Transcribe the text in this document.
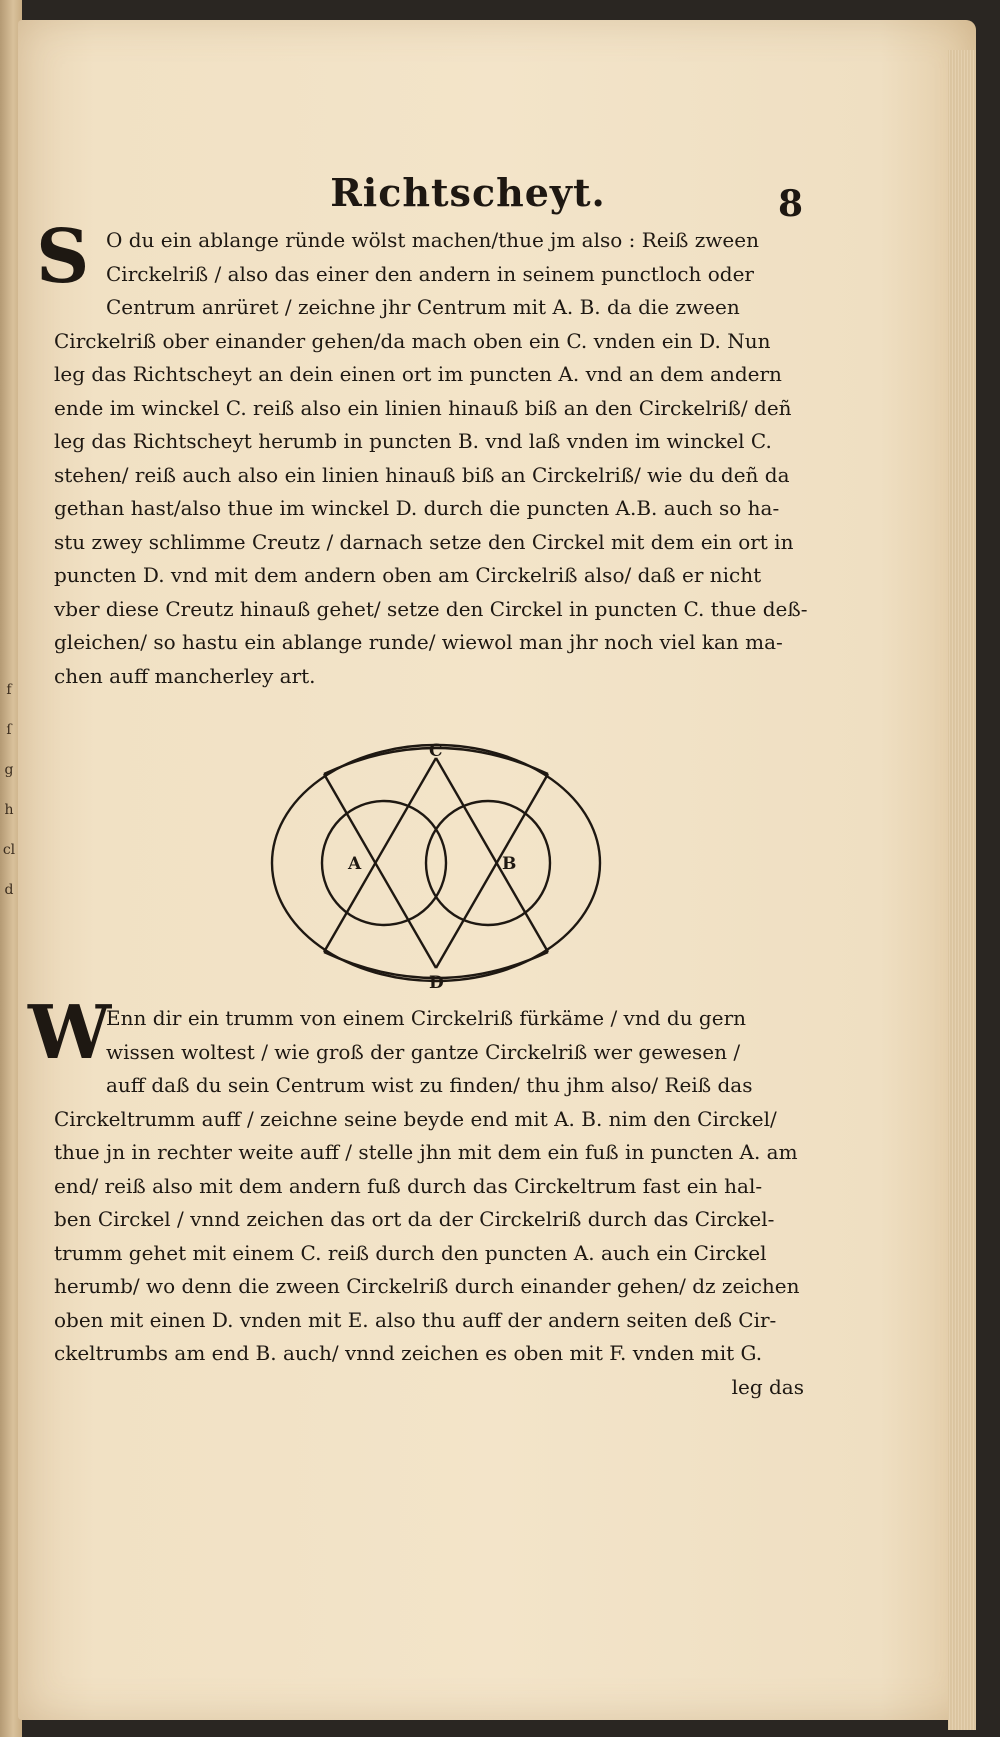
f
ſ
g
h
cl
d
Richtscheyt.	8
S O du ein ablange ründe wölst machen/thue jm also : Reiß zween
Circkelriß / also das einer den andern in seinem punctloch oder
Centrum anrüret / zeichne jhr Centrum mit A. B. da die zween
Circkelriß ober einander gehen/da mach oben ein C. vnden ein D. Nun
leg das Richtscheyt an dein einen ort im puncten A. vnd an dem andern
ende im winckel C. reiß also ein linien hinauß biß an den Circkelriß/ deñ
leg das Richtscheyt herumb in puncten B. vnd laß vnden im winckel C.
stehen/ reiß auch also ein linien hinauß biß an Circkelriß/ wie du deñ da
gethan hast/also thue im winckel D. durch die puncten A.B. auch so ha-
stu zwey schlimme Creutz / darnach setze den Circkel mit dem ein ort in
puncten D. vnd mit dem andern oben am Circkelriß also/ daß er nicht
vber diese Creutz hinauß gehet/ setze den Circkel in puncten C. thue deß-
gleichen/ so hastu ein ablange runde/ wiewol man jhr noch viel kan ma-
chen auff mancherley art.
C
A	B
D
W
Enn dir ein trumm von einem Circkelriß fürkäme / vnd du gern
wissen woltest / wie groß der gantze Circkelriß wer gewesen /
auff daß du sein Centrum wist zu finden/ thu jhm also/ Reiß das
Circkeltrumm auff / zeichne seine beyde end mit A. B. nim den Circkel/
thue jn in rechter weite auff / stelle jhn mit dem ein fuß in puncten A. am
end/ reiß also mit dem andern fuß durch das Circkeltrum fast ein hal-
ben Circkel / vnnd zeichen das ort da der Circkelriß durch das Circkel-
trumm gehet mit einem C. reiß durch den puncten A. auch ein Circkel
herumb/ wo denn die zween Circkelriß durch einander gehen/ dz zeichen
oben mit einen D. vnden mit E. also thu auff der andern seiten deß Cir-
ckeltrumbs am end B. auch/ vnnd zeichen es oben mit F. vnden mit G.
leg das
